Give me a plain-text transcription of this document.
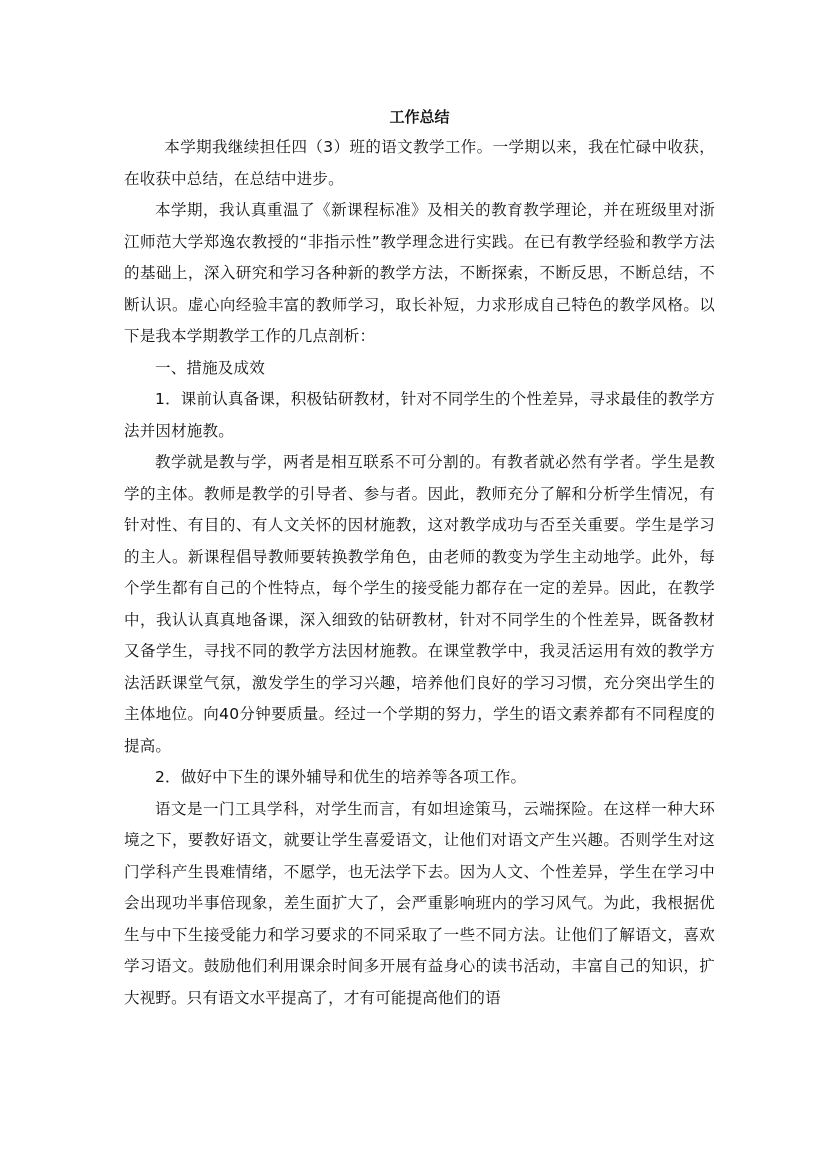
工作总结

本学期我继续担任四（3）班的语文教学工作。一学期以来，我在忙碌中收获，在收获中总结，在总结中进步。

本学期，我认真重温了《新课程标准》及相关的教育教学理论，并在班级里对浙江师范大学郑逸农教授的“非指示性”教学理念进行实践。在已有教学经验和教学方法的基础上，深入研究和学习各种新的教学方法，不断探索，不断反思，不断总结，不断认识。虚心向经验丰富的教师学习，取长补短，力求形成自己特色的教学风格。以下是我本学期教学工作的几点剖析：

一、措施及成效

1．课前认真备课，积极钻研教材，针对不同学生的个性差异，寻求最佳的教学方法并因材施教。

教学就是教与学，两者是相互联系不可分割的。有教者就必然有学者。学生是教学的主体。教师是教学的引导者、参与者。因此，教师充分了解和分析学生情况，有针对性、有目的、有人文关怀的因材施教，这对教学成功与否至关重要。学生是学习的主人。新课程倡导教师要转换教学角色，由老师的教变为学生主动地学。此外，每个学生都有自己的个性特点，每个学生的接受能力都存在一定的差异。因此，在教学中，我认认真真地备课，深入细致的钻研教材，针对不同学生的个性差异，既备教材又备学生，寻找不同的教学方法因材施教。在课堂教学中，我灵活运用有效的教学方法活跃课堂气氛，激发学生的学习兴趣，培养他们良好的学习习惯，充分突出学生的主体地位。向40分钟要质量。经过一个学期的努力，学生的语文素养都有不同程度的提高。

2．做好中下生的课外辅导和优生的培养等各项工作。

语文是一门工具学科，对学生而言，有如坦途策马，云端探险。在这样一种大环境之下，要教好语文，就要让学生喜爱语文，让他们对语文产生兴趣。否则学生对这门学科产生畏难情绪，不愿学，也无法学下去。因为人文、个性差异，学生在学习中会出现功半事倍现象，差生面扩大了，会严重影响班内的学习风气。为此，我根据优生与中下生接受能力和学习要求的不同采取了一些不同方法。让他们了解语文，喜欢学习语文。鼓励他们利用课余时间多开展有益身心的读书活动，丰富自己的知识，扩大视野。只有语文水平提高了，才有可能提高他们的语
